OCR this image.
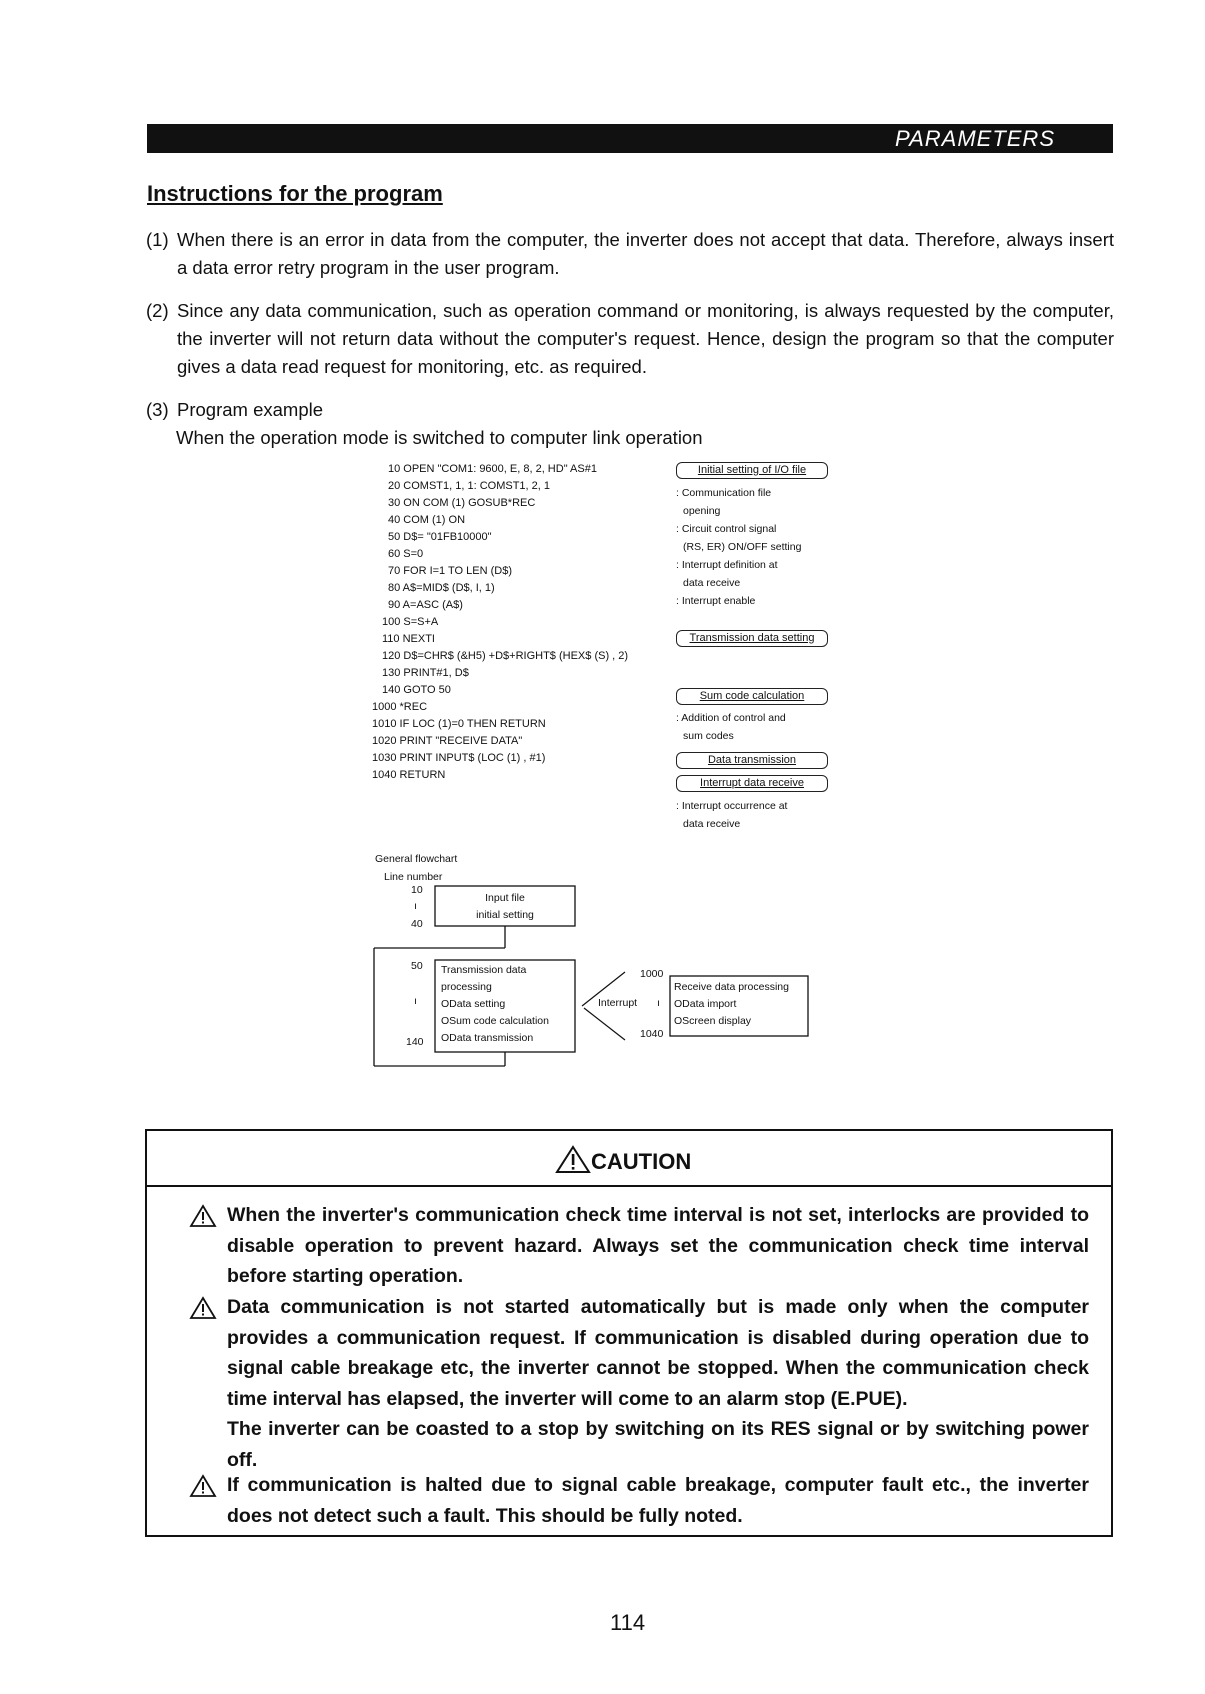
PARAMETERS
Instructions for the program
(1) When there is an error in data from the computer, the inverter does not accept that data. Therefore, always insert a data error retry program in the user program.
(2) Since any data communication, such as operation command or monitoring, is always requested by the computer, the inverter will not return data without the computer's request. Hence, design the program so that the computer gives a data read request for monitoring, etc. as required.
(3) Program example
When the operation mode is switched to computer link operation
10 OPEN "COM1: 9600, E, 8, 2, HD" AS#1
20 COMST1, 1, 1: COMST1, 2, 1
30 ON COM (1) GOSUB*REC
40 COM (1) ON
50 D$= "01FB10000"
60 S=0
70 FOR I=1 TO LEN (D$)
80 A$=MID$ (D$, I, 1)
90 A=ASC (A$)
100 S=S+A
110 NEXTI
120 D$=CHR$ (&H5) +D$+RIGHT$ (HEX$ (S) , 2)
130 PRINT#1, D$
140 GOTO 50
1000 *REC
1010 IF LOC (1)=0 THEN RETURN
1020 PRINT "RECEIVE DATA"
1030 PRINT INPUT$ (LOC (1) , #1)
1040 RETURN
Initial setting of I/O file
: Communication file
opening
: Circuit control signal
(RS, ER) ON/OFF setting
: Interrupt definition at
data receive
: Interrupt enable
Transmission data setting
Sum code calculation
: Addition of control and
sum codes
Data transmission
Interrupt data receive
: Interrupt occurrence at
data receive
General flowchart
Line number
10
ı
40
Input file
initial setting
50
ı
140
Transmission data
processing
OData setting
OSum code calculation
OData transmission
Interrupt ı
1000
1040
Receive data processing
OData import
OScreen display
CAUTION
When the inverter's communication check time interval is not set, interlocks are provided to disable operation to prevent hazard. Always set the communication check time interval before starting operation.
Data communication is not started automatically but is made only when the computer provides a communication request. If communication is disabled during operation due to signal cable breakage etc, the inverter cannot be stopped. When the communication check time interval has elapsed, the inverter will come to an alarm stop (E.PUE).
The inverter can be coasted to a stop by switching on its RES signal or by switching power off.
If communication is halted due to signal cable breakage, computer fault etc., the inverter does not detect such a fault. This should be fully noted.
114
